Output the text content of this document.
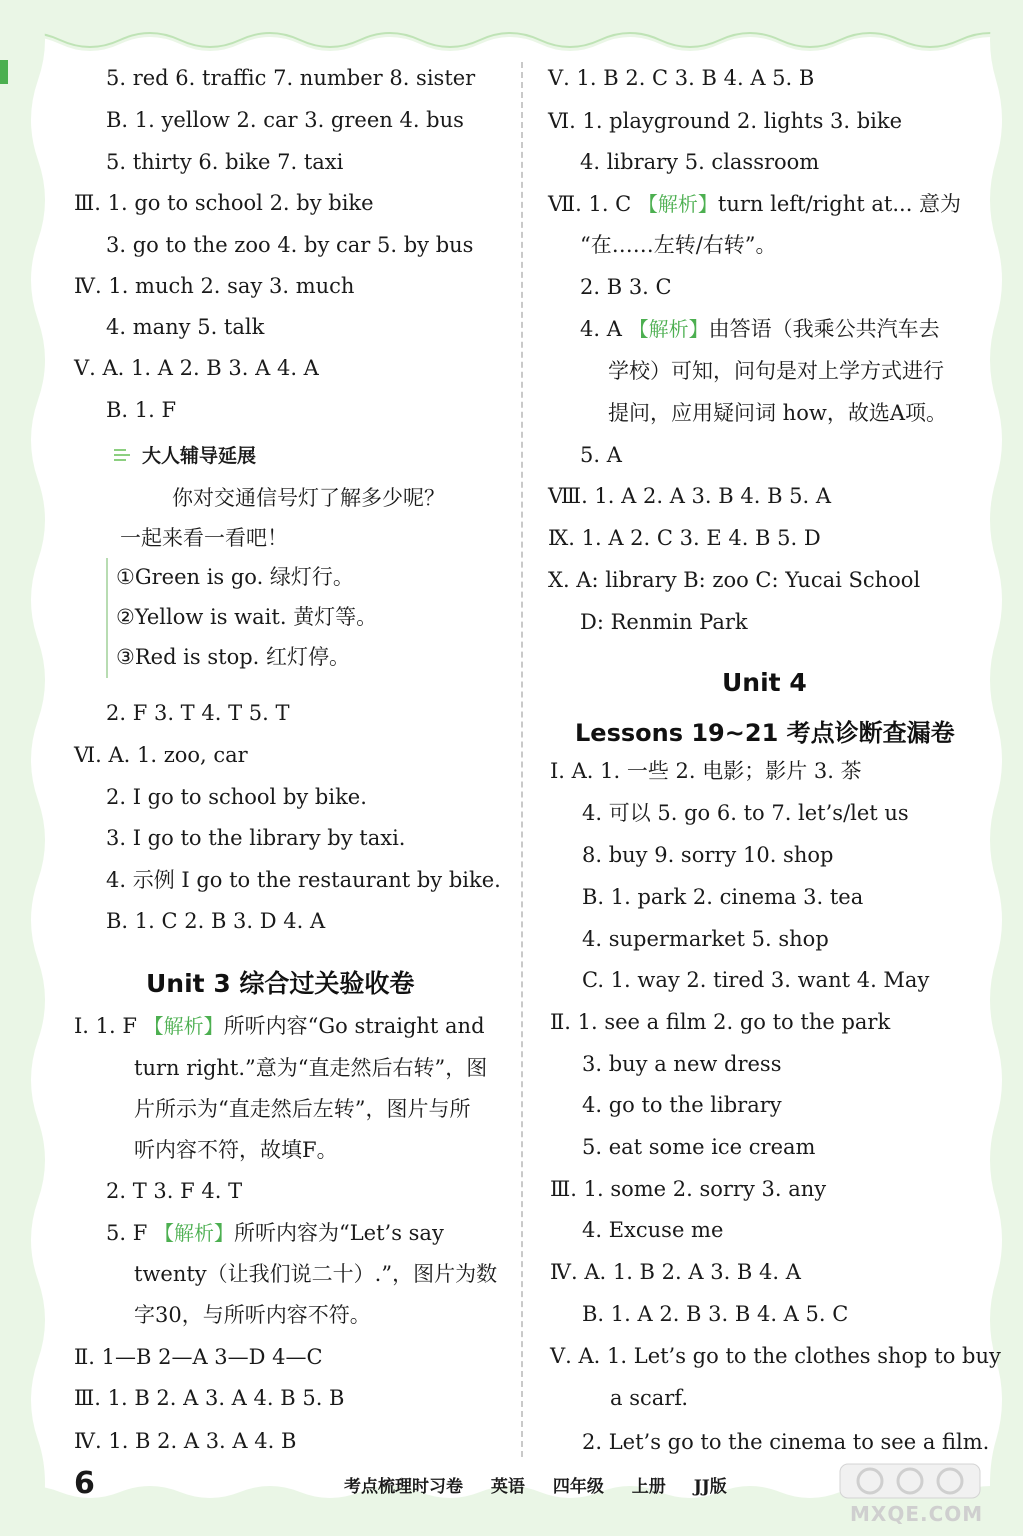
5. red 6. traffic 7. number 8. sister
B. 1. yellow 2. car 3. green 4. bus
5. thirty 6. bike 7. taxi
Ⅲ. 1. go to school 2. by bike
3. go to the zoo 4. by car 5. by bus
Ⅳ. 1. much 2. say 3. much
4. many 5. talk
Ⅴ. A. 1. A 2. B 3. A 4. A
B. 1. F
大人辅导延展
你对交通信号灯了解多少呢？
一起来看一看吧！
①Green is go. 绿灯行。
②Yellow is wait. 黄灯等。
③Red is stop. 红灯停。
2. F 3. T 4. T 5. T
Ⅵ. A. 1. zoo, car
2. I go to school by bike.
3. I go to the library by taxi.
4. 示例 I go to the restaurant by bike.
B. 1. C 2. B 3. D 4. A
Unit 3 综合过关验收卷
Ⅰ. 1. F 【解析】所听内容“Go straight and
turn right.”意为“直走然后右转”，图
片所示为“直走然后左转”，图片与所
听内容不符，故填F。
2. T 3. F 4. T
5. F 【解析】所听内容为“Let’s say
twenty（让我们说二十）.”，图片为数
字30，与所听内容不符。
Ⅱ. 1—B 2—A 3—D 4—C
Ⅲ. 1. B 2. A 3. A 4. B 5. B
Ⅳ. 1. B 2. A 3. A 4. B
Ⅴ. 1. B 2. C 3. B 4. A 5. B
Ⅵ. 1. playground 2. lights 3. bike
4. library 5. classroom
Ⅶ. 1. C 【解析】turn left/right at... 意为
“在……左转/右转”。
2. B 3. C
4. A 【解析】由答语（我乘公共汽车去
学校）可知，问句是对上学方式进行
提问，应用疑问词 how，故选A项。
5. A
Ⅷ. 1. A 2. A 3. B 4. B 5. A
Ⅸ. 1. A 2. C 3. E 4. B 5. D
Ⅹ. A: library B: zoo C: Yucai School
D: Renmin Park
Unit 4
Lessons 19~21 考点诊断查漏卷
Ⅰ. A. 1. 一些 2. 电影；影片 3. 茶
4. 可以 5. go 6. to 7. let’s/let us
8. buy 9. sorry 10. shop
B. 1. park 2. cinema 3. tea
4. supermarket 5. shop
C. 1. way 2. tired 3. want 4. May
Ⅱ. 1. see a film 2. go to the park
3. buy a new dress
4. go to the library
5. eat some ice cream
Ⅲ. 1. some 2. sorry 3. any
4. Excuse me
Ⅳ. A. 1. B 2. A 3. B 4. A
B. 1. A 2. B 3. B 4. A 5. C
Ⅴ. A. 1. Let’s go to the clothes shop to buy
a scarf.
2. Let’s go to the cinema to see a film.
6	考点梳理时习卷 英语 四年级 上册 JJ版
MXQE.COM
